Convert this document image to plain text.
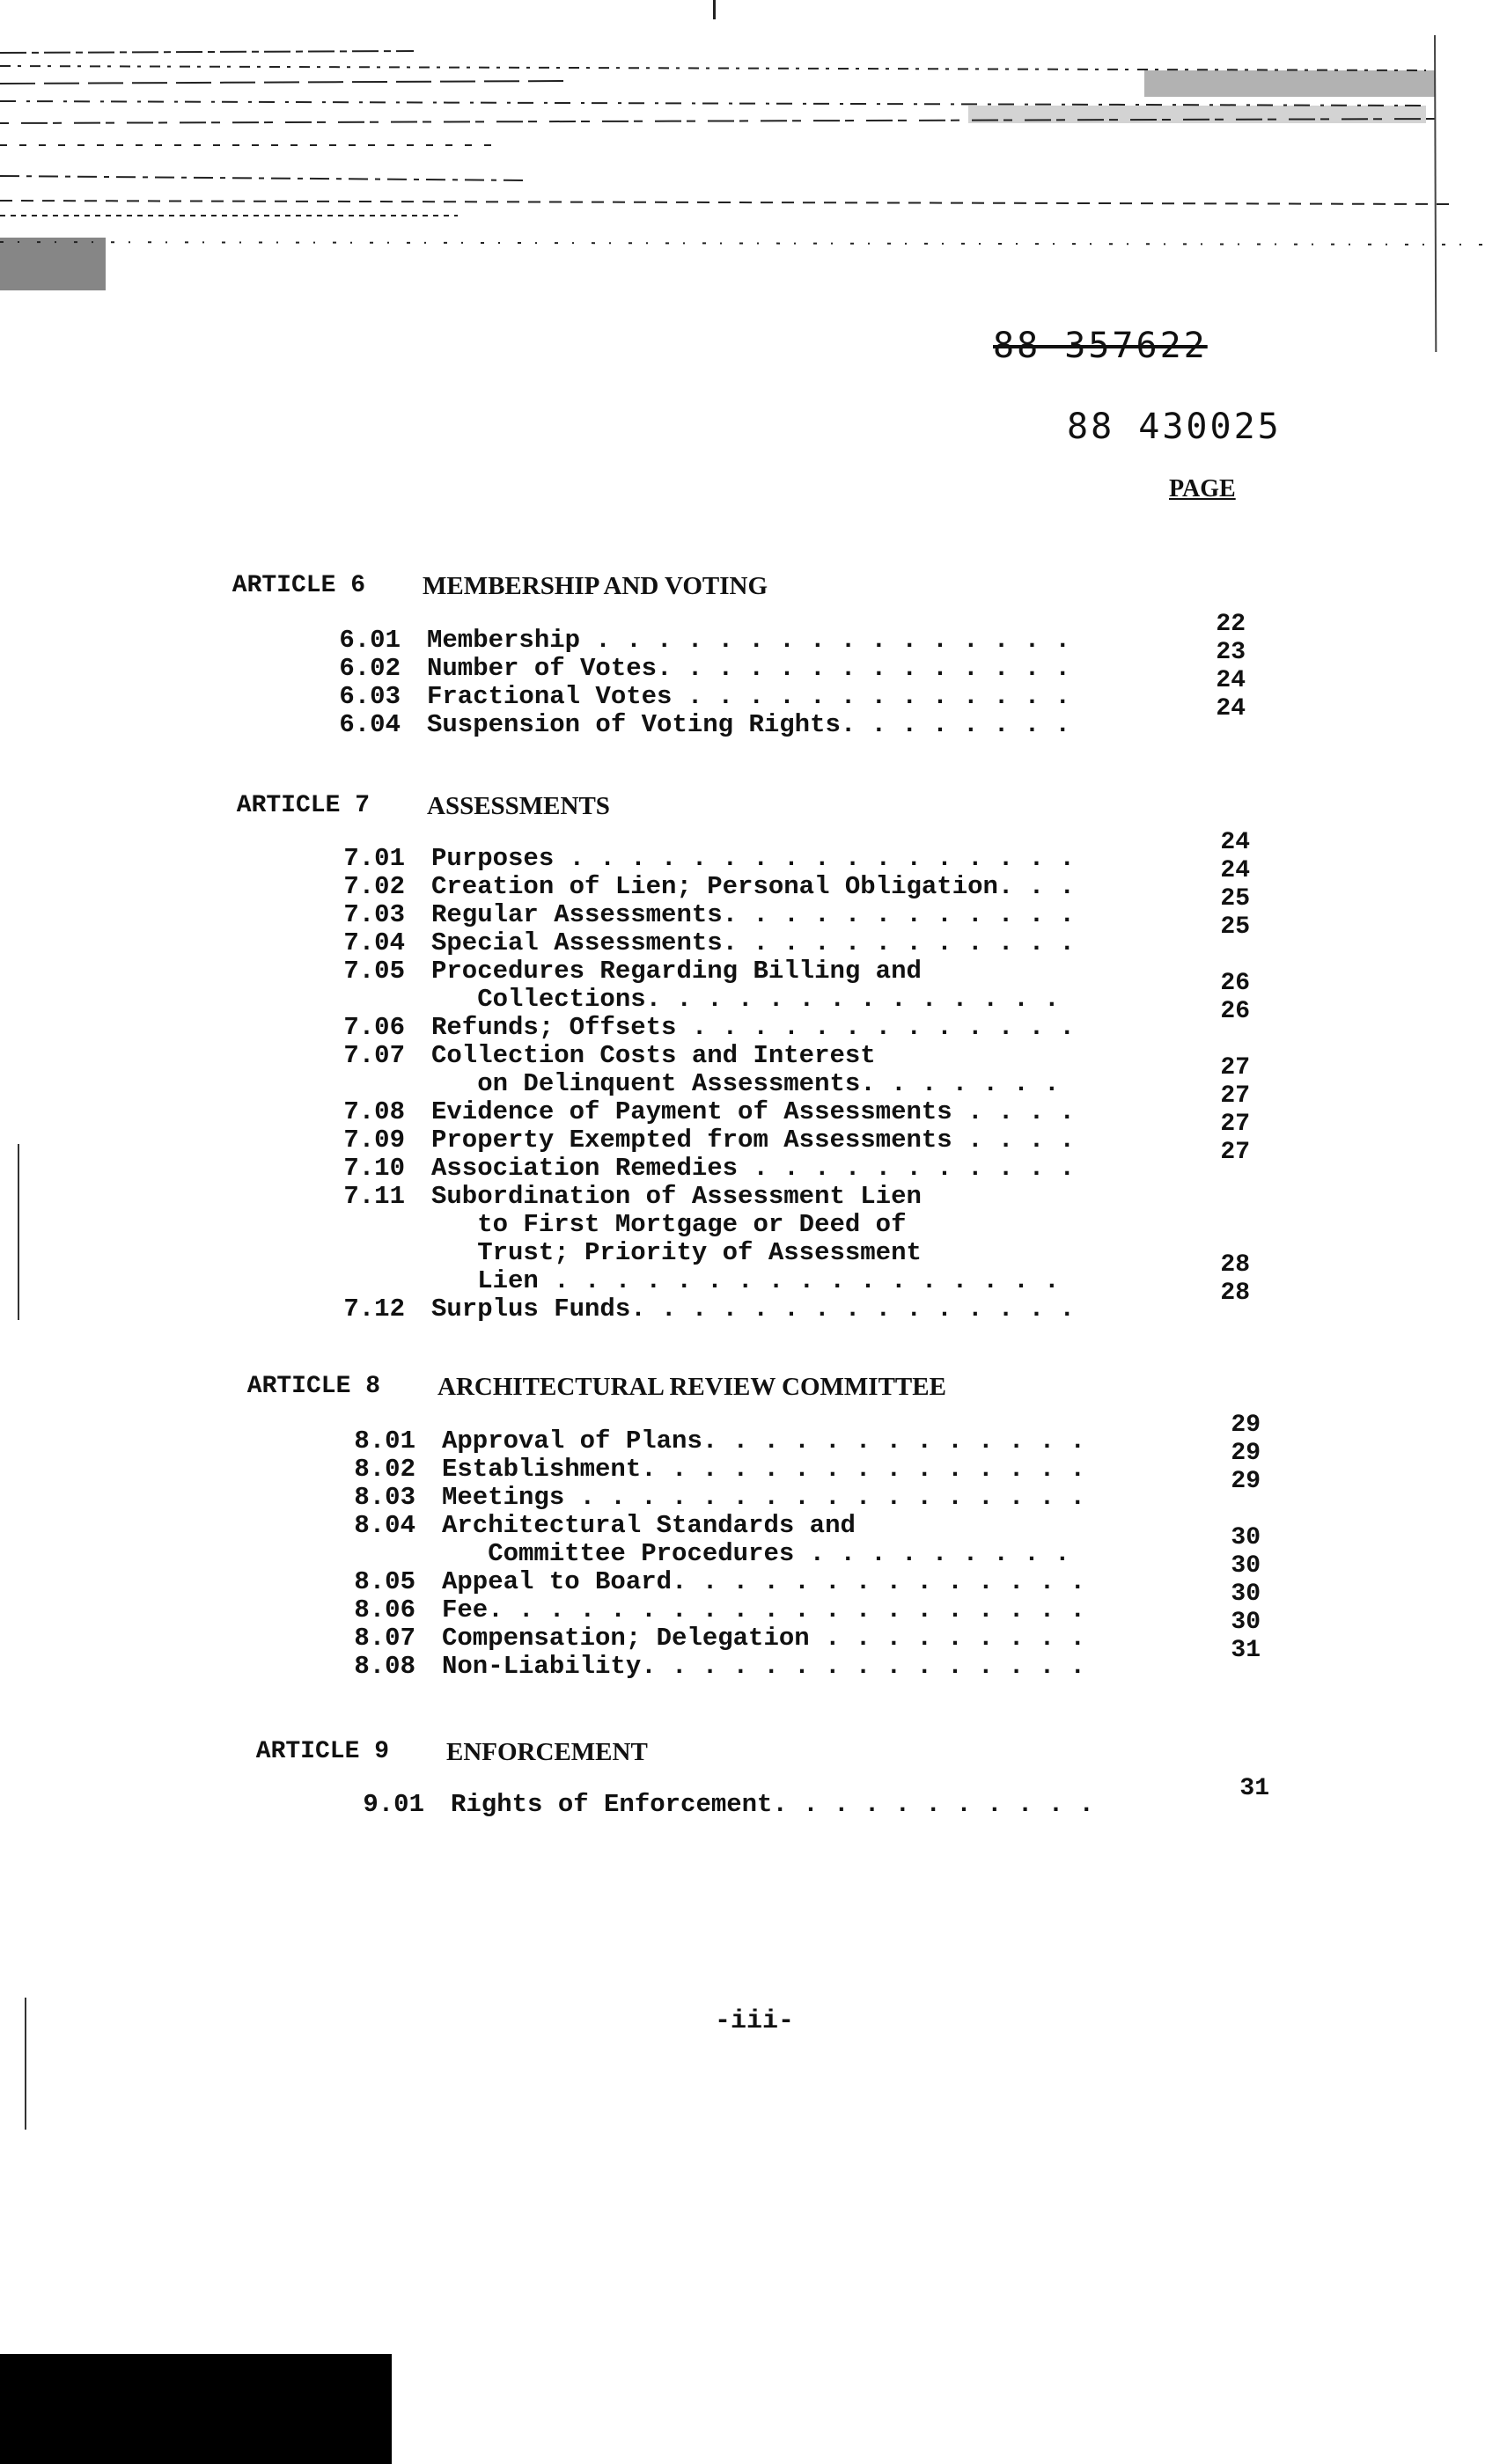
88 357622
88 430025
PAGE
ARTICLE 6 MEMBERSHIP AND VOTING
6.01 Membership . . . . . . . . . . . . . . . .
22
6.02 Number of Votes. . . . . . . . . . . . . .
23
6.03 Fractional Votes . . . . . . . . . . . . .
24
6.04 Suspension of Voting Rights. . . . . . . .
24
ARTICLE 7 ASSESSMENTS
7.01 Purposes . . . . . . . . . . . . . . . . .
24
7.02 Creation of Lien; Personal Obligation. . .
24
7.03 Regular Assessments. . . . . . . . . . . .
25
7.04 Special Assessments. . . . . . . . . . . .
25
7.05 Procedures Regarding Billing and
Collections. . . . . . . . . . . . . .
26
7.06 Refunds; Offsets . . . . . . . . . . . . .
26
7.07 Collection Costs and Interest
on Delinquent Assessments. . . . . . .
27
7.08 Evidence of Payment of Assessments . . . .
27
7.09 Property Exempted from Assessments . . . .
27
7.10 Association Remedies . . . . . . . . . . .
27
7.11 Subordination of Assessment Lien
to First Mortgage or Deed of
Trust; Priority of Assessment
Lien . . . . . . . . . . . . . . . . .
28
7.12 Surplus Funds. . . . . . . . . . . . . . .
28
ARTICLE 8 ARCHITECTURAL REVIEW COMMITTEE
8.01 Approval of Plans. . . . . . . . . . . . .
29
8.02 Establishment. . . . . . . . . . . . . . .
29
8.03 Meetings . . . . . . . . . . . . . . . . .
29
8.04 Architectural Standards and
Committee Procedures . . . . . . . . .
30
8.05 Appeal to Board. . . . . . . . . . . . . .
30
8.06 Fee. . . . . . . . . . . . . . . . . . . .
30
8.07 Compensation; Delegation . . . . . . . . .
30
8.08 Non-Liability. . . . . . . . . . . . . . .
31
ARTICLE 9 ENFORCEMENT
9.01 Rights of Enforcement. . . . . . . . . . .
31
-iii-
